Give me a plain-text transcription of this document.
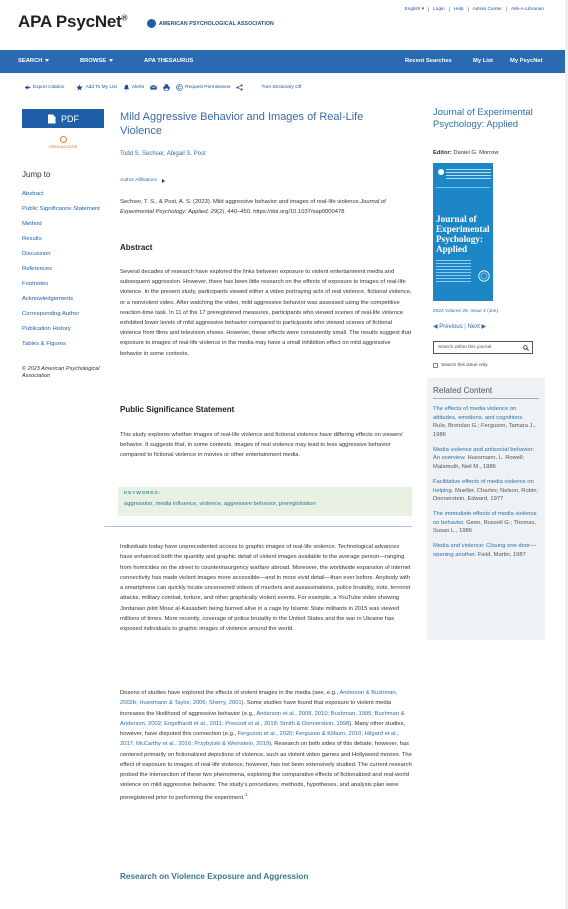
APA PsycNet®
AMERICAN PSYCHOLOGICAL ASSOCIATION
English ▾	Login	Help	Admin Center	Ask-A-Librarian
SEARCH	BROWSE	APA THESAURUS	Recent Searches	My List	My PsycNet
Export Citation	Add To My List	Alerts	Request Permissions	Turn Dictionary Off
PDF
OPEN ACCESS
Jump to
Abstract
Public Significance Statement
Method
Results
Discussion
References
Footnotes
Acknowledgements
Corresponding Author
Publication History
Tables & Figures
© 2023 American Psychological Association
Mild Aggressive Behavior and Images of Real-Life Violence
Todd S. Sechser, Abigail S. Post
Author Affiliations
Sechser, T. S., & Post, A. S. (2023). Mild aggressive behavior and images of real-life violence.Journal of Experimental Psychology: Applied, 29(2), 440–450. https://doi.org/10.1037/xap0000478
Abstract
Several decades of research have explored the links between exposure to violent entertainment media and subsequent aggression. However, there has been little research on the effects of exposure to images of real-life violence. In the present study, participants viewed either a video portraying acts of real violence, fictional violence, or a nonviolent video. After watching the video, mild aggressive behavior was assessed using the competitive reaction-time task. In 11 of the 17 preregistered measures, participants who viewed scenes of real-life violence exhibited lower levels of mild aggressive behavior compared to participants who viewed scenes of fictional violence from films and television shows. However, these effects were consistently small. The results suggest that exposure to images of real-life violence in the media may have a small inhibition effect on mild aggressive behavior in some contexts.
Public Significance Statement
This study explores whether images of real-life violence and fictional violence have differing effects on viewers’ behavior. It suggests that, in some contexts, images of real violence may lead to less aggressive behavior compared to fictional violence in movies or other entertainment media.
KEYWORDS:
aggression, media influence, violence, aggressive behavior, preregistration
Individuals today have unprecedented access to graphic images of real-life violence. Technological advances have enhanced both the quantity and graphic detail of violent images available to the average person—ranging from homicides on the street to counterinsurgency warfare abroad. Moreover, the worldwide expansion of internet connectivity has made violent images more accessible—and in more vivid detail—than ever before. Anybody with a smartphone can quickly locate uncensored videos of murders and assassinations, police brutality, riots, terrorist attacks, military combat, torture, and other graphically violent events. For example, a YouTube video showing Jordanian pilot Moaz al-Kasasbeh being burned alive in a cage by Islamic State militants in 2015 was viewed millions of times. More recently, coverage of police brutality in the United States and the war in Ukraine has exposed individuals to graphic images of violence around the world.
Dozens of studies have explored the effects of violent images in the media (see, e.g., Anderson & Bushman, 2002b; Huesmann & Taylor, 2006; Sherry, 2001). Some studies have found that exposure to violent media increases the likelihood of aggressive behavior (e.g., Anderson et al., 2008, 2010; Bushman, 1995; Bushman & Anderson, 2002; Engelhardt et al., 2011; Prescott et al., 2018; Smith & Donnerstein, 1998). Many other studies, however, have disputed this connection (e.g., Ferguson et al., 2020; Ferguson & Kilburn, 2010; Hilgard et al., 2017; McCarthy et al., 2016; Przybylski & Weinstein, 2019). Research on both sides of this debate, however, has centered primarily on fictionalized depictions of violence, such as violent video games and Hollywood movies. The effect of exposure to images of real-life violence, however, has not been extensively studied. The current research probed the intersection of these two phenomena, exploring the comparative effects of fictionalized and real-world violence on mild aggressive behavior. The study’s procedures, methods, hypotheses, and analysis plan were preregistered prior to performing the experiment.$^1$
Research on Violence Exposure and Aggression
Journal of Experimental Psychology: Applied
Editor: Daniel G. Morrow
Journal of Experimental Psychology: Applied
2023 Volume 29, Issue 2 (Jun)
◀ Previous | Next ▶
Search within this journal
Search this issue only
Related Content
The effects of media violence on attitudes, emotions, and cognitions. Rule, Brendan G.; Ferguson, Tamara J., 1986
Media violence and antisocial behavior: An overview. Huesmann, L. Rowell; Malamuth, Neil M., 1986
Facilitative effects of media violence on helping. Mueller, Charles; Nelson, Robin; Donnerstein, Edward, 1977
The immediate effects of media violence on behavior. Geen, Russell G.; Thomas, Susan L., 1986
Media and violence: Closing one door—opening another. Field, Martin, 1987
